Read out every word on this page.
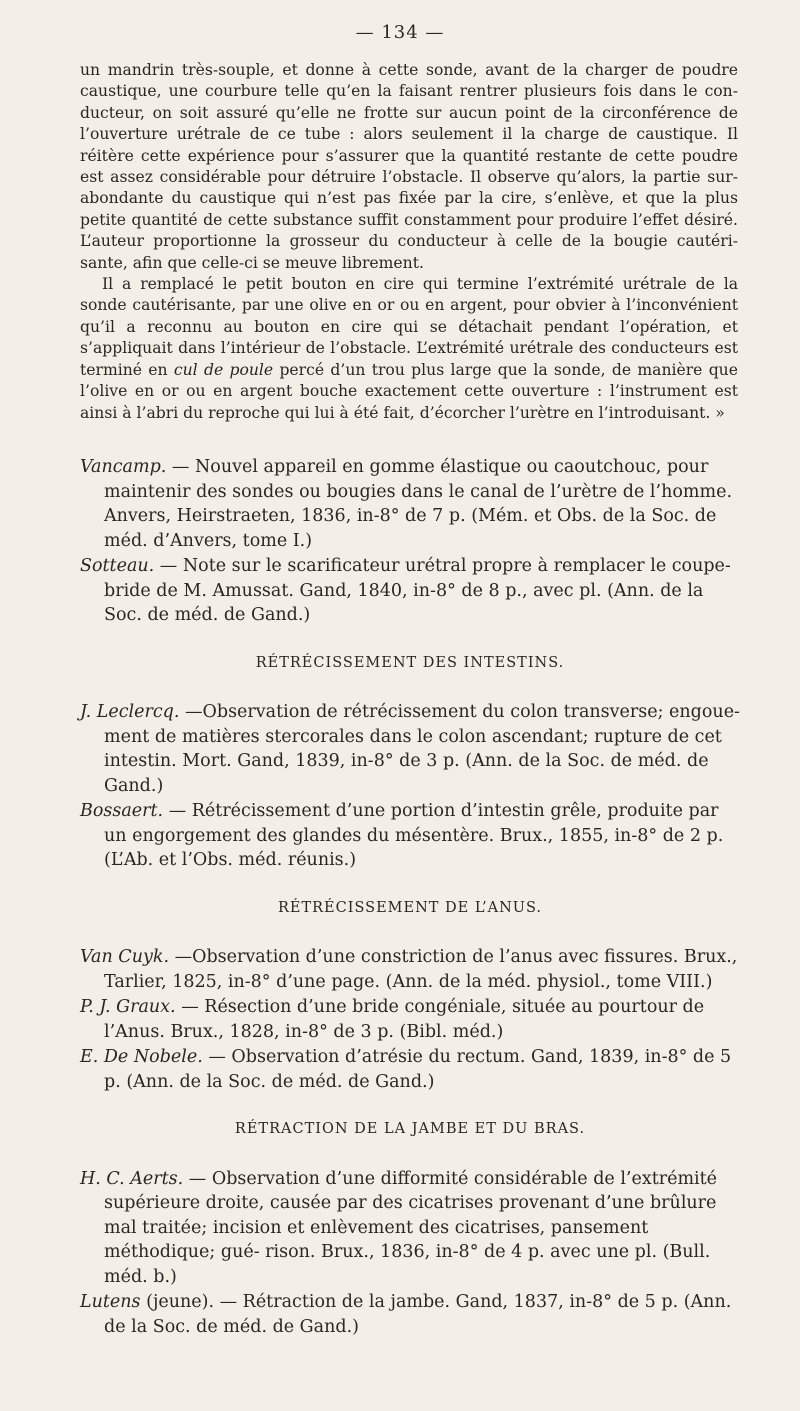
— 134 —

un mandrin très-souple, et donne à cette sonde, avant de la charger de poudre caustique, une courbure telle qu’en la faisant rentrer plusieurs fois dans le con- ducteur, on soit assuré qu’elle ne frotte sur aucun point de la circonférence de l’ouverture urétrale de ce tube : alors seulement il la charge de caustique. Il réitère cette expérience pour s’assurer que la quantité restante de cette poudre est assez considérable pour détruire l’obstacle. Il observe qu’alors, la partie sur- abondante du caustique qui n’est pas fixée par la cire, s’enlève, et que la plus petite quantité de cette substance suffit constamment pour produire l’effet désiré. L’auteur proportionne la grosseur du conducteur à celle de la bougie cautéri- sante, afin que celle-ci se meuve librement.

Il a remplacé le petit bouton en cire qui termine l’extrémité urétrale de la sonde cautérisante, par une olive en or ou en argent, pour obvier à l’inconvénient qu’il a reconnu au bouton en cire qui se détachait pendant l’opération, et s’appliquait dans l’intérieur de l’obstacle. L’extrémité urétrale des conducteurs est terminé en cul de poule percé d’un trou plus large que la sonde, de manière que l’olive en or ou en argent bouche exactement cette ouverture : l’instrument est ainsi à l’abri du reproche qui lui à été fait, d’écorcher l’urètre en l’introduisant. »

Vancamp. — Nouvel appareil en gomme élastique ou caoutchouc, pour maintenir des sondes ou bougies dans le canal de l’urètre de l’homme. Anvers, Heirstraeten, 1836, in-8° de 7 p. (Mém. et Obs. de la Soc. de méd. d’Anvers, tome I.)

Sotteau. — Note sur le scarificateur urétral propre à remplacer le coupe-bride de M. Amussat. Gand, 1840, in-8° de 8 p., avec pl. (Ann. de la Soc. de méd. de Gand.)

RÉTRÉCISSEMENT DES INTESTINS.

J. Leclercq. —Observation de rétrécissement du colon transverse; engoue- ment de matières stercorales dans le colon ascendant; rupture de cet intestin. Mort. Gand, 1839, in-8° de 3 p. (Ann. de la Soc. de méd. de Gand.)

Bossaert. — Rétrécissement d’une portion d’intestin grêle, produite par un engorgement des glandes du mésentère. Brux., 1855, in-8° de 2 p. (L’Ab. et l’Obs. méd. réunis.)

RÉTRÉCISSEMENT DE L’ANUS.

Van Cuyk. —Observation d’une constriction de l’anus avec fissures. Brux., Tarlier, 1825, in-8° d’une page. (Ann. de la méd. physiol., tome VIII.)

P. J. Graux. — Résection d’une bride congéniale, située au pourtour de l’Anus. Brux., 1828, in-8° de 3 p. (Bibl. méd.)

E. De Nobele. — Observation d’atrésie du rectum. Gand, 1839, in-8° de 5 p. (Ann. de la Soc. de méd. de Gand.)

RÉTRACTION DE LA JAMBE ET DU BRAS.

H. C. Aerts. — Observation d’une difformité considérable de l’extrémité supérieure droite, causée par des cicatrises provenant d’une brûlure mal traitée; incision et enlèvement des cicatrises, pansement méthodique; gué- rison. Brux., 1836, in-8° de 4 p. avec une pl. (Bull. méd. b.)

Lutens (jeune). — Rétraction de la jambe. Gand, 1837, in-8° de 5 p. (Ann. de la Soc. de méd. de Gand.)
